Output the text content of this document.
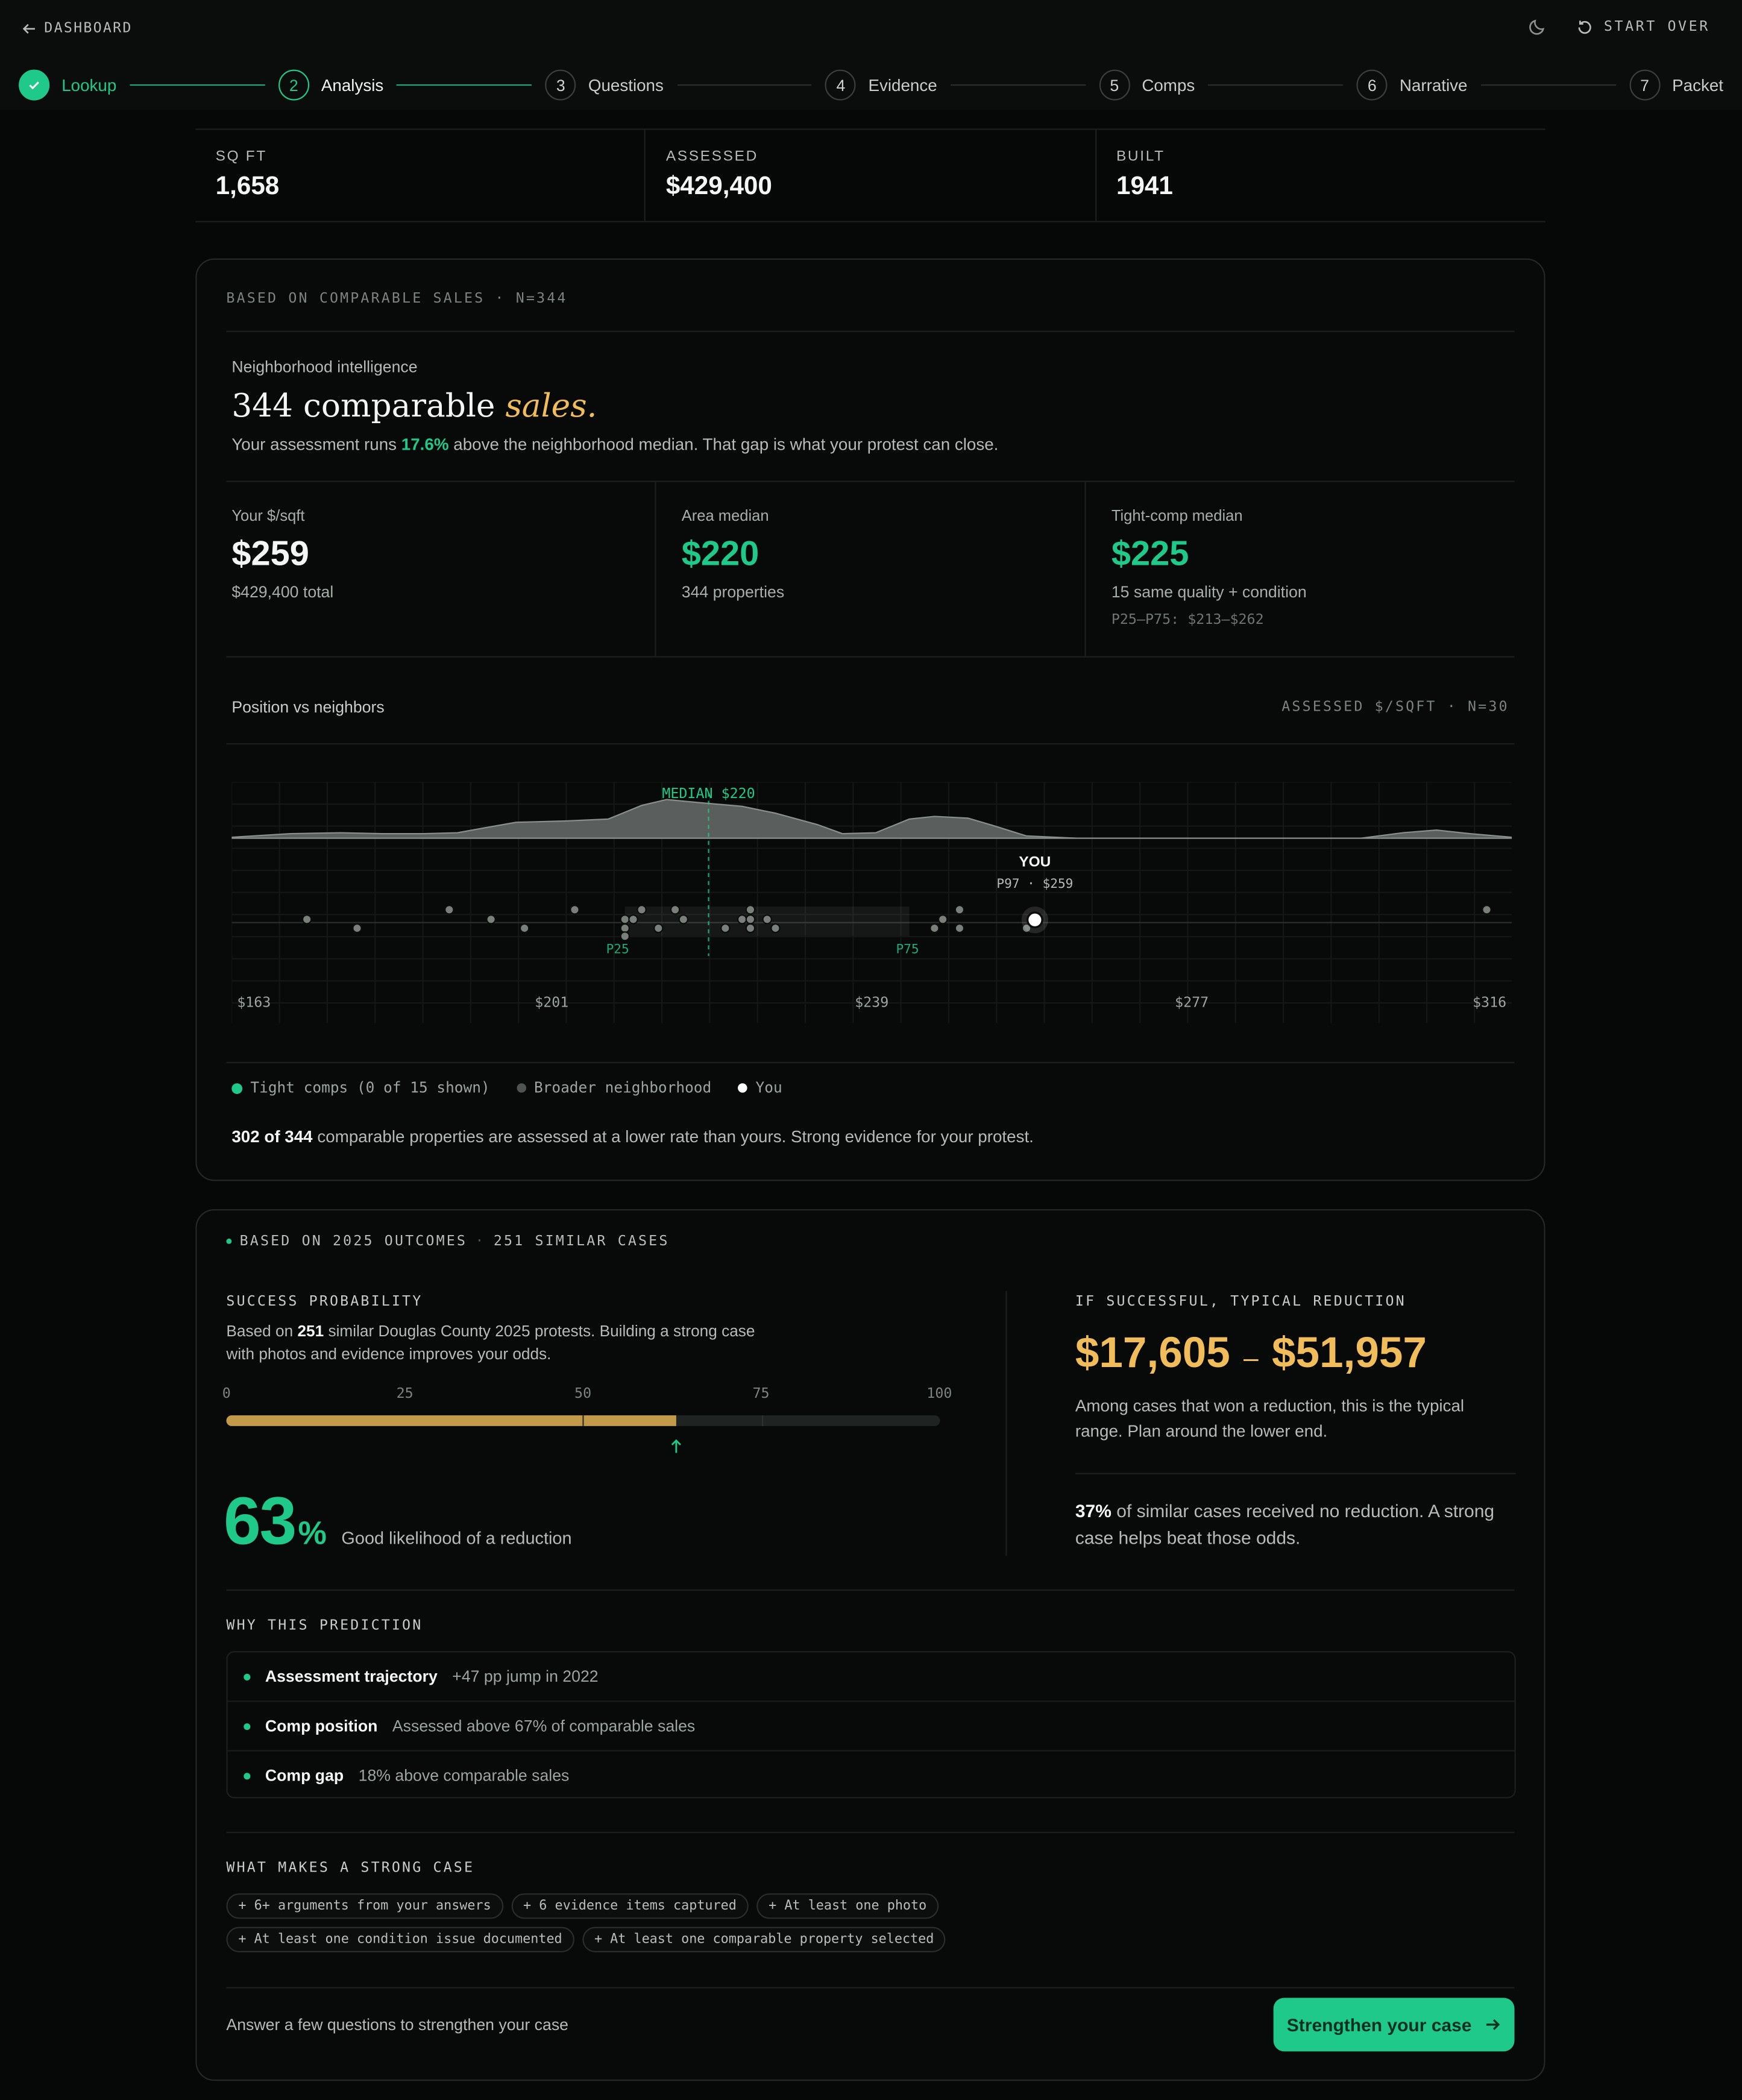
DASHBOARD	START OVER
Lookup	2	Analysis	3	Questions	4	Evidence	5	Comps	6	Narrative	7	Packet
SQ FT
1,658
ASSESSED
$429,400
BUILT
1941
BASED ON COMPARABLE SALES · N=344
Neighborhood intelligence
344 comparable sales.
Your assessment runs 17.6% above the neighborhood median. That gap is what your protest can close.
Your $/sqft
$259
$429,400 total
Area median
$220
344 properties
Tight-comp median
$225
15 same quality + condition
P25–P75: $213–$262
Position vs neighbors	ASSESSED $/SQFT · N=30
MEDIAN $220
P25	P75
YOU
P97 · $259
$163	$201	$239	$277	$316
Tight comps (0 of 15 shown)	Broader neighborhood	You
302 of 344 comparable properties are assessed at a lower rate than yours. Strong evidence for your protest.
BASED ON 2025 OUTCOMES · 251 SIMILAR CASES
SUCCESS PROBABILITY
Based on 251 similar Douglas County 2025 protests. Building a strong case with photos and evidence improves your odds.
0	25	50	75	100
63 % Good likelihood of a reduction
IF SUCCESSFUL, TYPICAL REDUCTION
$17,605 – $51,957
Among cases that won a reduction, this is the typical range. Plan around the lower end.
37% of similar cases received no reduction. A strong case helps beat those odds.
WHY THIS PREDICTION
Assessment trajectory +47 pp jump in 2022
Comp position Assessed above 67% of comparable sales
Comp gap 18% above comparable sales
WHAT MAKES A STRONG CASE
+ 6+ arguments from your answers	+ 6 evidence items captured	+ At least one photo
+ At least one condition issue documented	+ At least one comparable property selected
Answer a few questions to strengthen your case	Strengthen your case
